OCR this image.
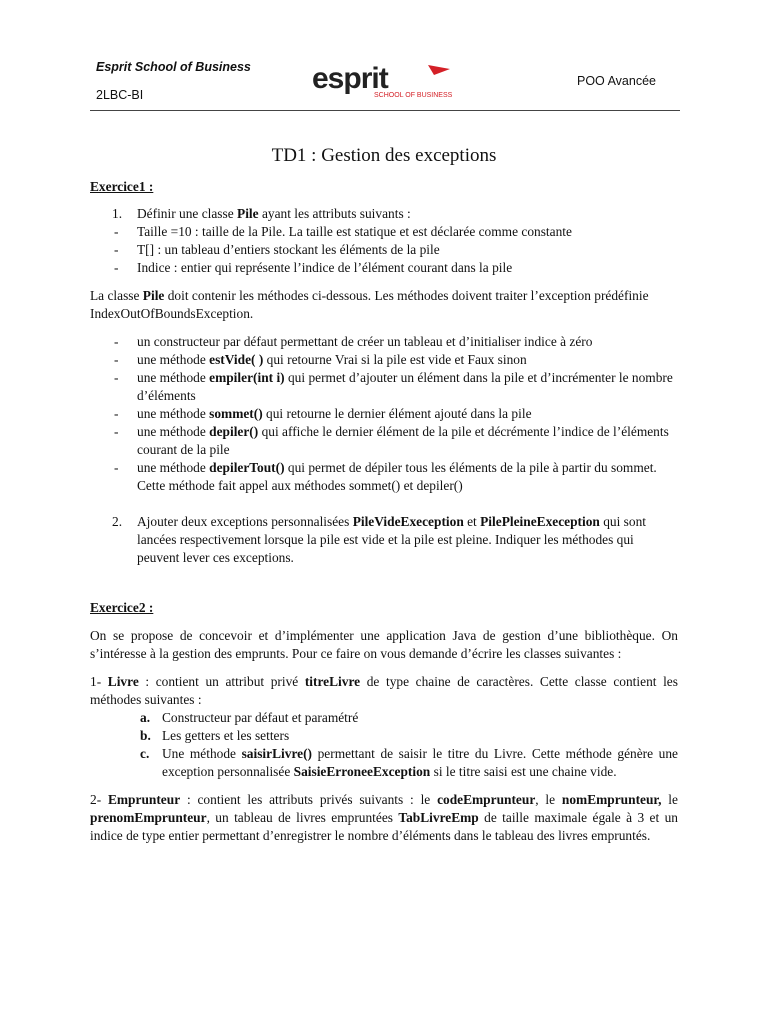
Esprit School of Business
2LBC-BI	esprit
SCHOOL OF BUSINESS
POO Avancée
TD1 : Gestion des exceptions

Exercice1 :

1.	Définir une classe Pile ayant les attributs suivants :
-	Taille =10 : taille de la Pile. La taille est statique et est déclarée comme constante
-	T[] : un tableau d’entiers stockant les éléments de la pile
-	Indice : entier qui représente l’indice de l’élément courant dans la pile

La classe Pile doit contenir les méthodes ci-dessous. Les méthodes doivent traiter l’exception prédéfinie IndexOutOfBoundsException.

-	un constructeur par défaut permettant de créer un tableau et d’initialiser indice à zéro
-	une méthode estVide( ) qui retourne Vrai si la pile est vide et Faux sinon
-	une méthode empiler(int i) qui permet d’ajouter un élément dans la pile et d’incrémenter le nombre d’éléments
-	une méthode sommet() qui retourne le dernier élément ajouté dans la pile
-	une méthode depiler() qui affiche le dernier élément de la pile et décrémente l’indice de l’éléments courant de la pile
-	une méthode depilerTout() qui permet de dépiler tous les éléments de la pile à partir du sommet. Cette méthode fait appel aux méthodes sommet() et depiler()
2.	Ajouter deux exceptions personnalisées PileVideExeception et PilePleineExeception qui sont lancées respectivement lorsque la pile est vide et la pile est pleine. Indiquer les méthodes qui peuvent lever ces exceptions.

Exercice2 :

On se propose de concevoir et d’implémenter une application Java de gestion d’une bibliothèque. On s’intéresse à la gestion des emprunts. Pour ce faire on vous demande d’écrire les classes suivantes :

1- Livre : contient un attribut privé titreLivre de type chaine de caractères. Cette classe contient les méthodes suivantes :
a. Constructeur par défaut et paramétré
b. Les getters et les setters
c. Une méthode saisirLivre() permettant de saisir le titre du Livre. Cette méthode génère une exception personnalisée SaisieErroneeException si le titre saisi est une chaine vide.

2- Emprunteur : contient les attributs privés suivants : le codeEmprunteur, le nomEmprunteur, le prenomEmprunteur, un tableau de livres empruntées TabLivreEmp de taille maximale égale à 3 et un indice de type entier permettant d’enregistrer le nombre d’éléments dans le tableau des livres empruntés.
